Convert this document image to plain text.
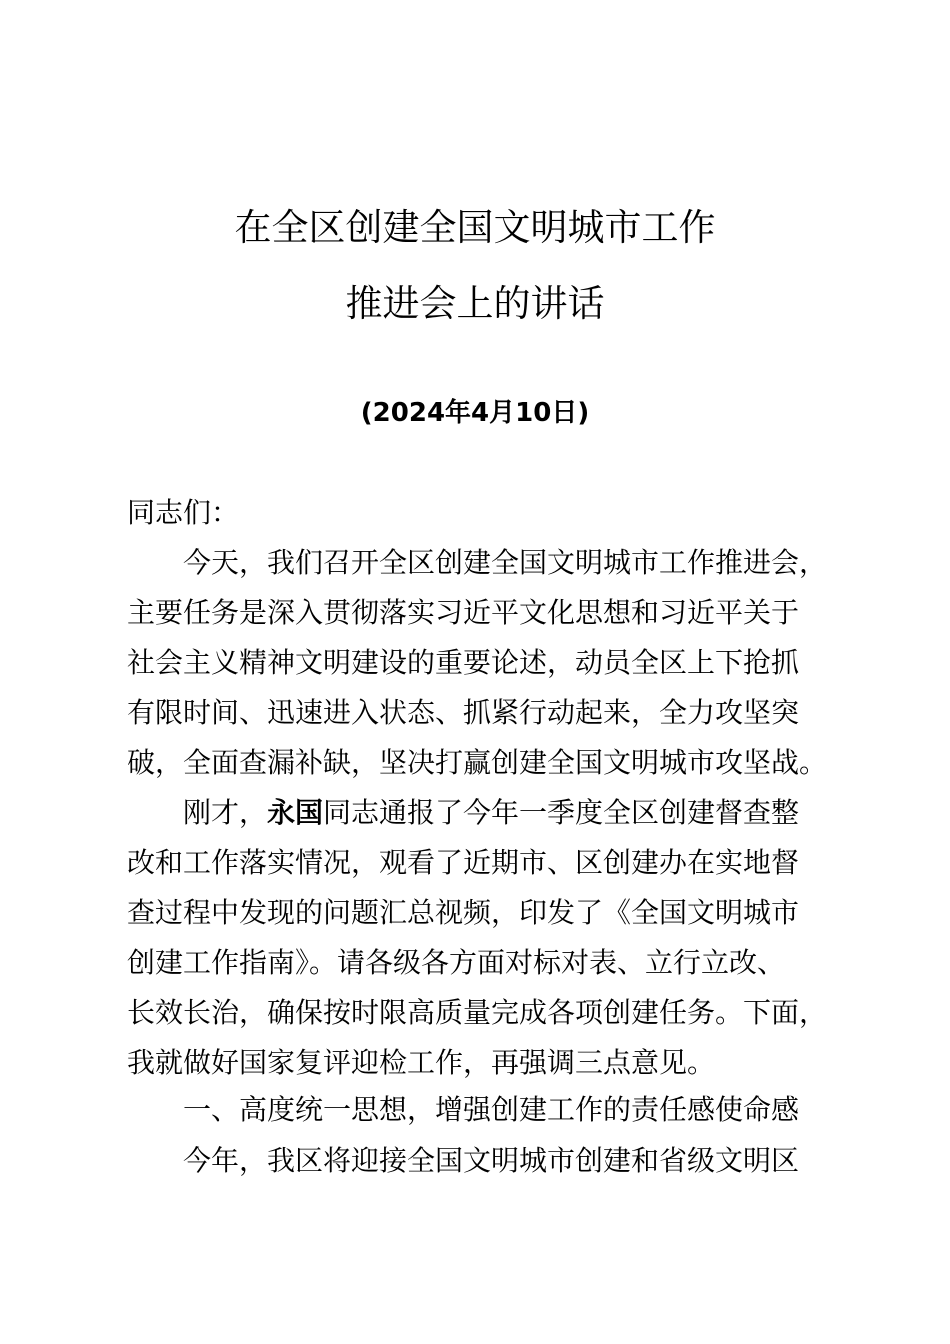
在全区创建全国文明城市工作
推进会上的讲话
(2024年4月10日)
同志们：
今天，我们召开全区创建全国文明城市工作推进会，
主要任务是深入贯彻落实习近平文化思想和习近平关于
社会主义精神文明建设的重要论述，动员全区上下抢抓
有限时间、迅速进入状态、抓紧行动起来，全力攻坚突
破，全面查漏补缺，坚决打赢创建全国文明城市攻坚战。
刚才，永国同志通报了今年一季度全区创建督查整
改和工作落实情况，观看了近期市、区创建办在实地督
查过程中发现的问题汇总视频，印发了《全国文明城市
创建工作指南》。请各级各方面对标对表、立行立改、
长效长治，确保按时限高质量完成各项创建任务。下面，
我就做好国家复评迎检工作，再强调三点意见。
一、高度统一思想，增强创建工作的责任感使命感
今年，我区将迎接全国文明城市创建和省级文明区
